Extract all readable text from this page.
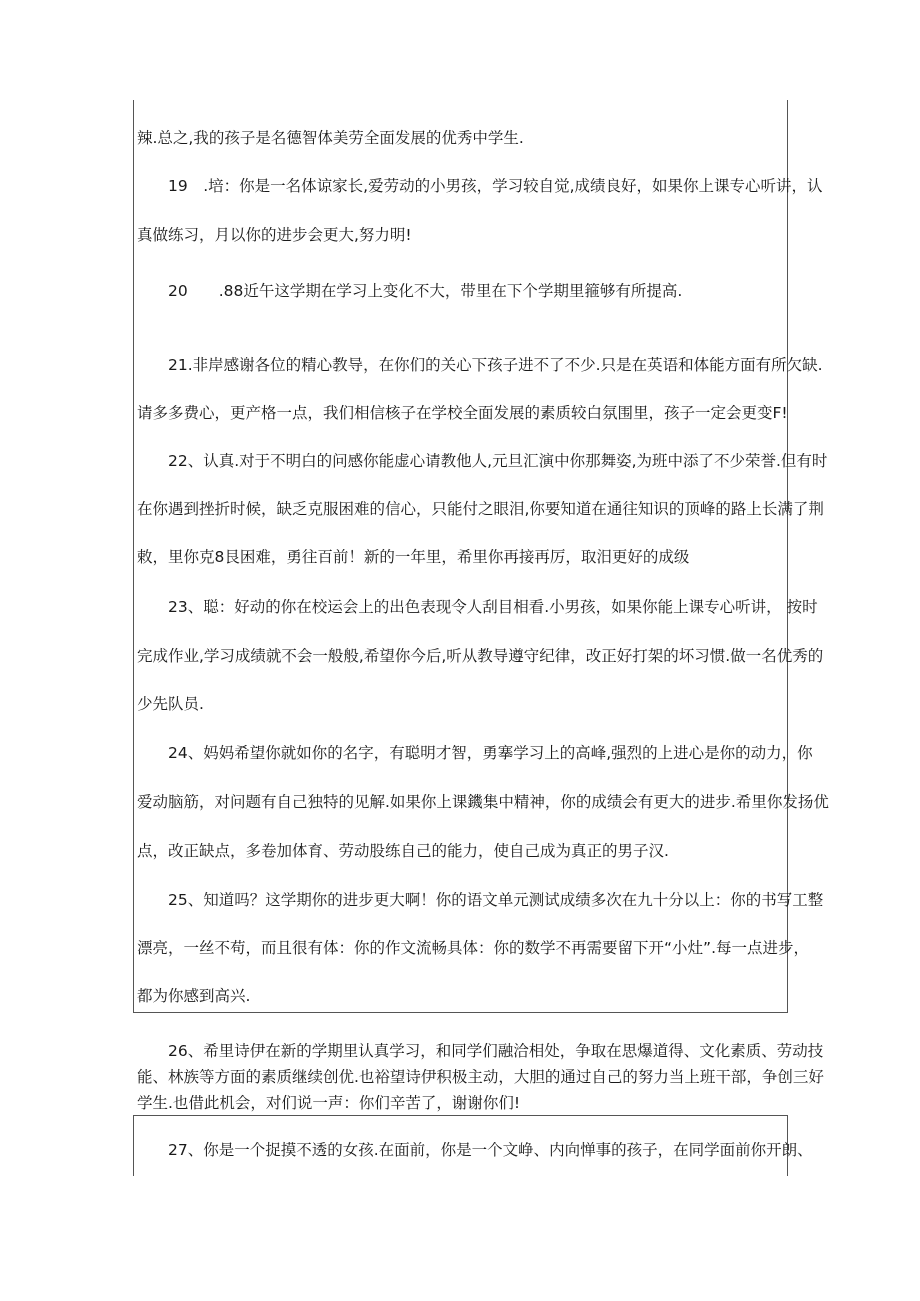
辣.总之,我的孩子是名德智体美劳全面发展的优秀中学生.
19　.培：你是一名体谅家长,爱劳动的小男孩，学习较自觉,成绩良好，如果你上课专心听讲，认
真做练习，月以你的进步会更大,努力明!
20　　.88近午这学期在学习上变化不大，带里在下个学期里箍够有所提高.
21.非岸感谢各位的精心教导，在你们的关心下孩子进不了不少.只是在英语和体能方面有所欠缺.
请多多费心，更产格一点，我们相信核子在学校全面发展的素质较白氛围里，孩子一定会更变F!
22、认真.对于不明白的问感你能虚心请教他人,元旦汇演中你那舞姿,为班中添了不少荣誉.但有时
在你遇到挫折时候，缺乏克服困难的信心，只能付之眼泪,你要知道在通往知识的顶峰的路上长满了荆
敕，里你克8艮困难，勇往百前！新的一年里，希里你再接再厉，取汨更好的成级
23、聪：好动的你在校运会上的出色表现令人刮目相看.小男孩，如果你能上课专心听讲， 按时
完成作业,学习成绩就不会一般般,希望你今后,听从教导遵守纪律，改正好打架的坏习惯.做一名优秀的
少先队员.
24、妈妈希望你就如你的名字，有聪明才智，勇搴学习上的高峰,强烈的上进心是你的动力，你
爱动脑筋，对问题有自己独特的见解.如果你上课鐖集中精神，你的成绩会有更大的进步.希里你发扬优
点，改正缺点，多卷加体育、劳动股练自己的能力，使自己成为真正的男子汉.
25、知道吗？这学期你的进步更大啊！你的语文单元测试成绩多次在九十分以上：你的书写工整
漂亮，一丝不苟，而且很有体：你的作文流畅具体：你的数学不再需要留下开“小灶”.每一点进步，
都为你感到高兴.
26、希里诗伊在新的学期里认真学习，和同学们融洽相处，争取在思爆道得、文化素质、劳动技
能、林族等方面的素质继续创优.也裕望诗伊积极主动，大胆的通过自己的努力当上班干部，争创三好
学生.也借此机会，对们说一声：你们辛苦了，谢谢你们!
27、你是一个捉摸不透的女孩.在面前，你是一个文峥、内向惮事的孩子，在同学面前你开朗、
